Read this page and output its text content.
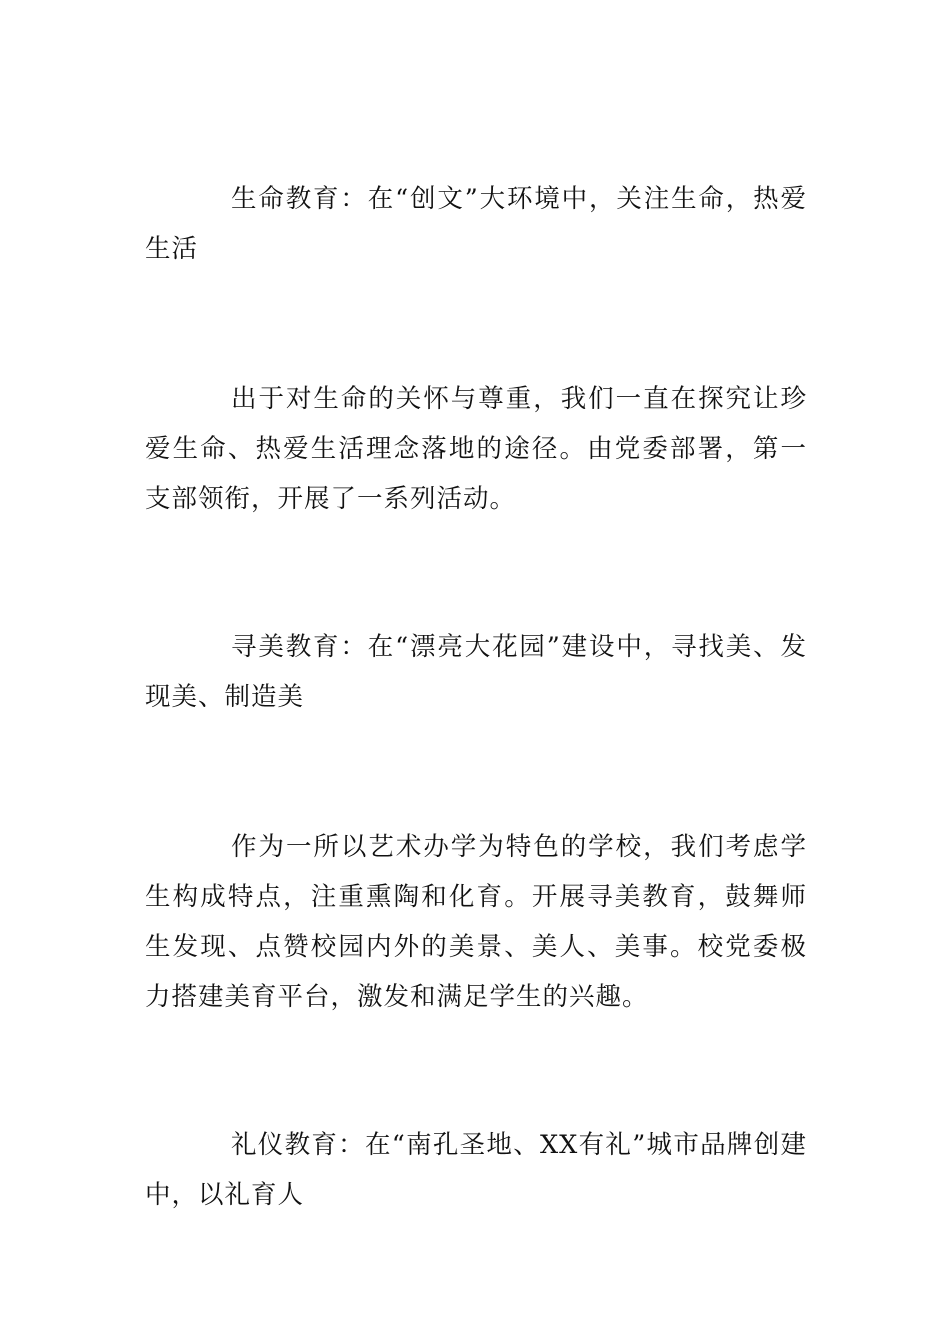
生命教育：在“创文”大环境中，关注生命，热爱生活

出于对生命的关怀与尊重，我们一直在探究让珍爱生命、热爱生活理念落地的途径。由党委部署，第一支部领衔，开展了一系列活动。

寻美教育：在“漂亮大花园”建设中，寻找美、发现美、制造美

作为一所以艺术办学为特色的学校，我们考虑学生构成特点，注重熏陶和化育。开展寻美教育，鼓舞师生发现、点赞校园内外的美景、美人、美事。校党委极力搭建美育平台，激发和满足学生的兴趣。

礼仪教育：在“南孔圣地、XX有礼”城市品牌创建中，以礼育人
